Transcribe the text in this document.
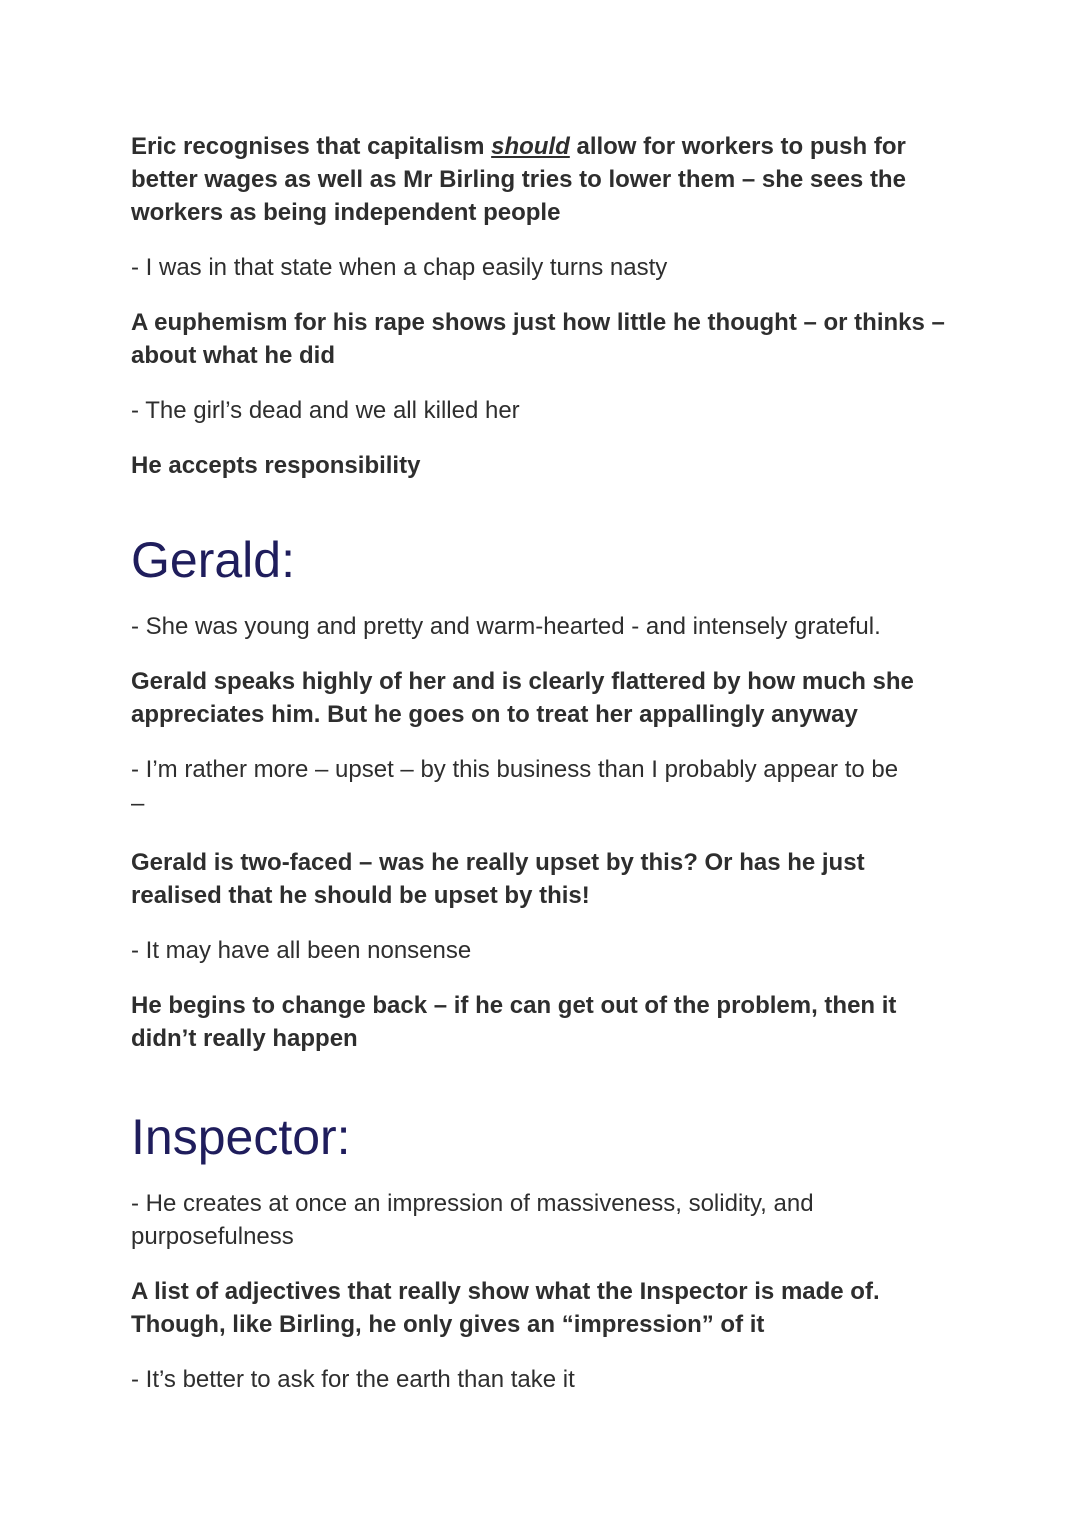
Eric recognises that capitalism should allow for workers to push for better wages as well as Mr Birling tries to lower them – she sees the workers as being independent people

- I was in that state when a chap easily turns nasty

A euphemism for his rape shows just how little he thought – or thinks – about what he did

- The girl’s dead and we all killed her

He accepts responsibility

Gerald:

- She was young and pretty and warm-hearted - and intensely grateful.

Gerald speaks highly of her and is clearly flattered by how much she appreciates him. But he goes on to treat her appallingly anyway

- I’m rather more – upset – by this business than I probably appear to be

–

Gerald is two-faced – was he really upset by this? Or has he just realised that he should be upset by this!

- It may have all been nonsense

He begins to change back – if he can get out of the problem, then it didn’t really happen

Inspector:

- He creates at once an impression of massiveness, solidity, and purposefulness

A list of adjectives that really show what the Inspector is made of. Though, like Birling, he only gives an “impression” of it

- It’s better to ask for the earth than take it
